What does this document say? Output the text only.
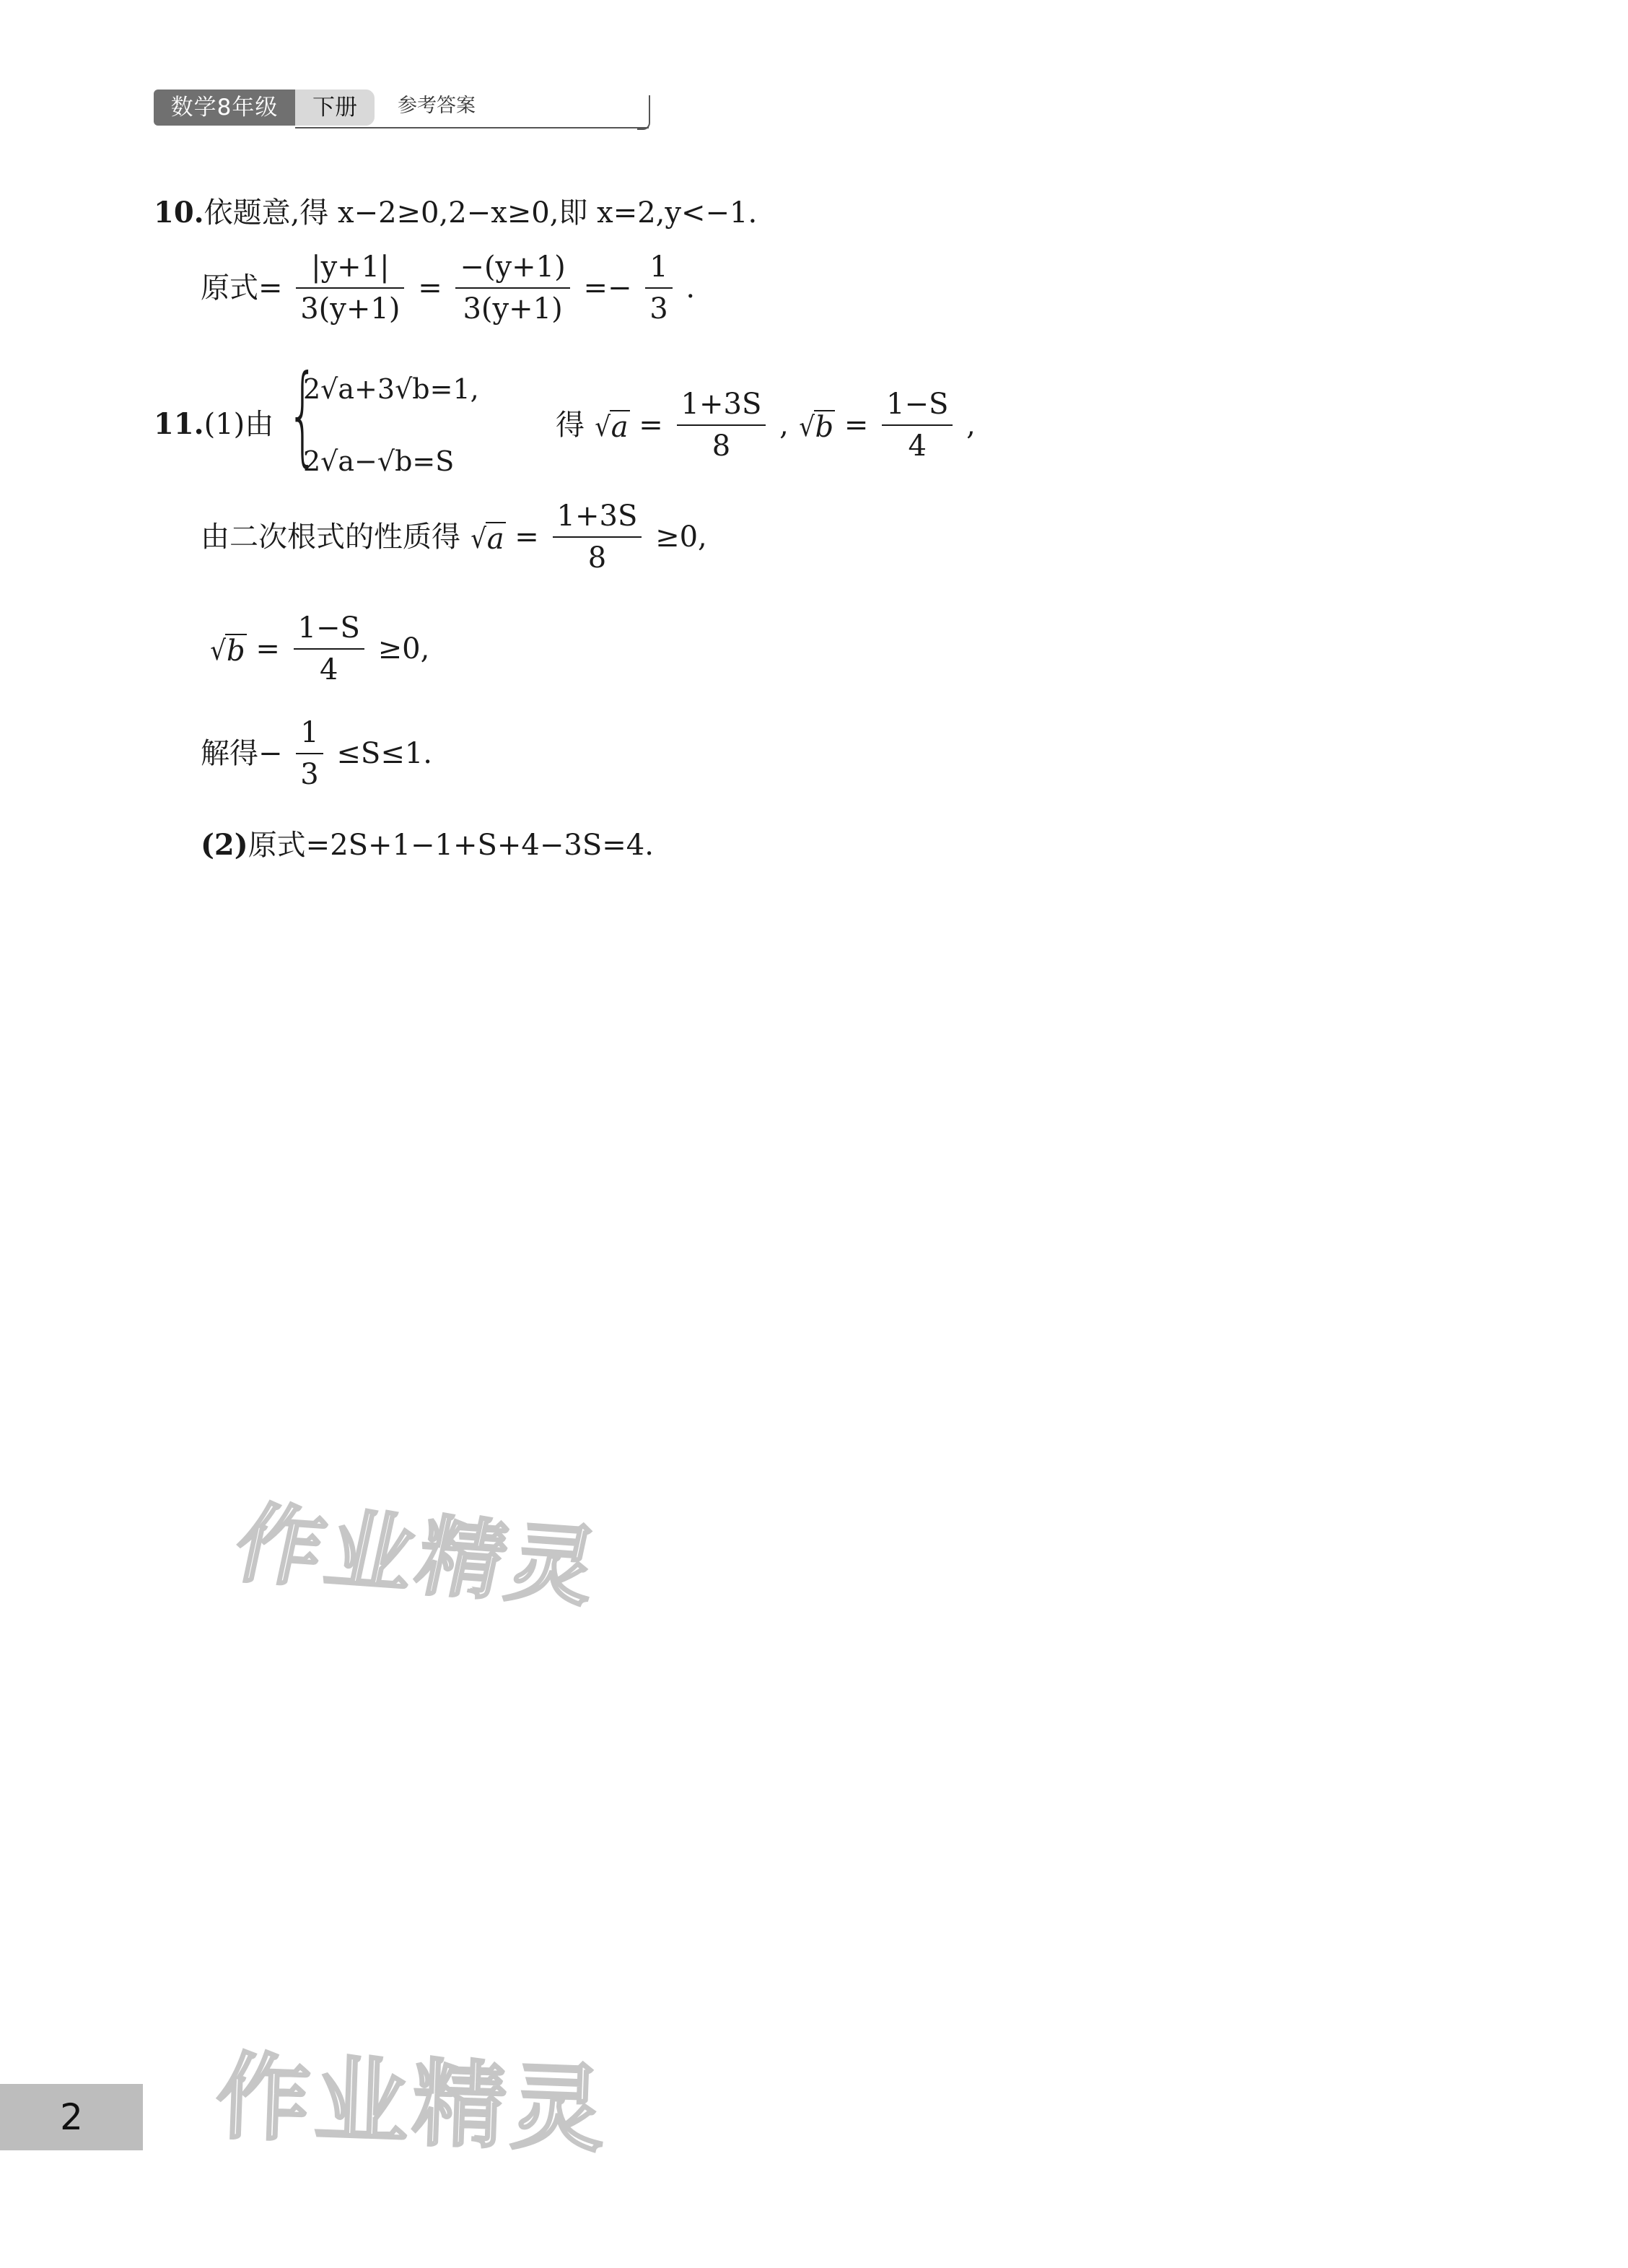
数学8年级	下册	参考答案
10.依题意,得 x−2≥0,2−x≥0,即 x=2,y<−1.
原式= $\frac{|y+1|}{3(y+1)} = \frac{-(y+1)}{3(y+1)} =- \frac{1}{3}$ .
11.(1)由 {
2√a+3√b=1,
2√a−√b=S
得 √ $a = \frac{1+3S}{8}$ , √ $b = \frac{1-S}{4}$ ,
由二次根式的性质得 √ $a = \frac{1+3S}{8} \ge 0$,
√ $b = \frac{1-S}{4} \ge 0$,
解得− $\frac{1}{3} \le S\le 1$.
(2)原式=2S+1−1+S+4−3S=4.
作业精灵
作业精灵
2
